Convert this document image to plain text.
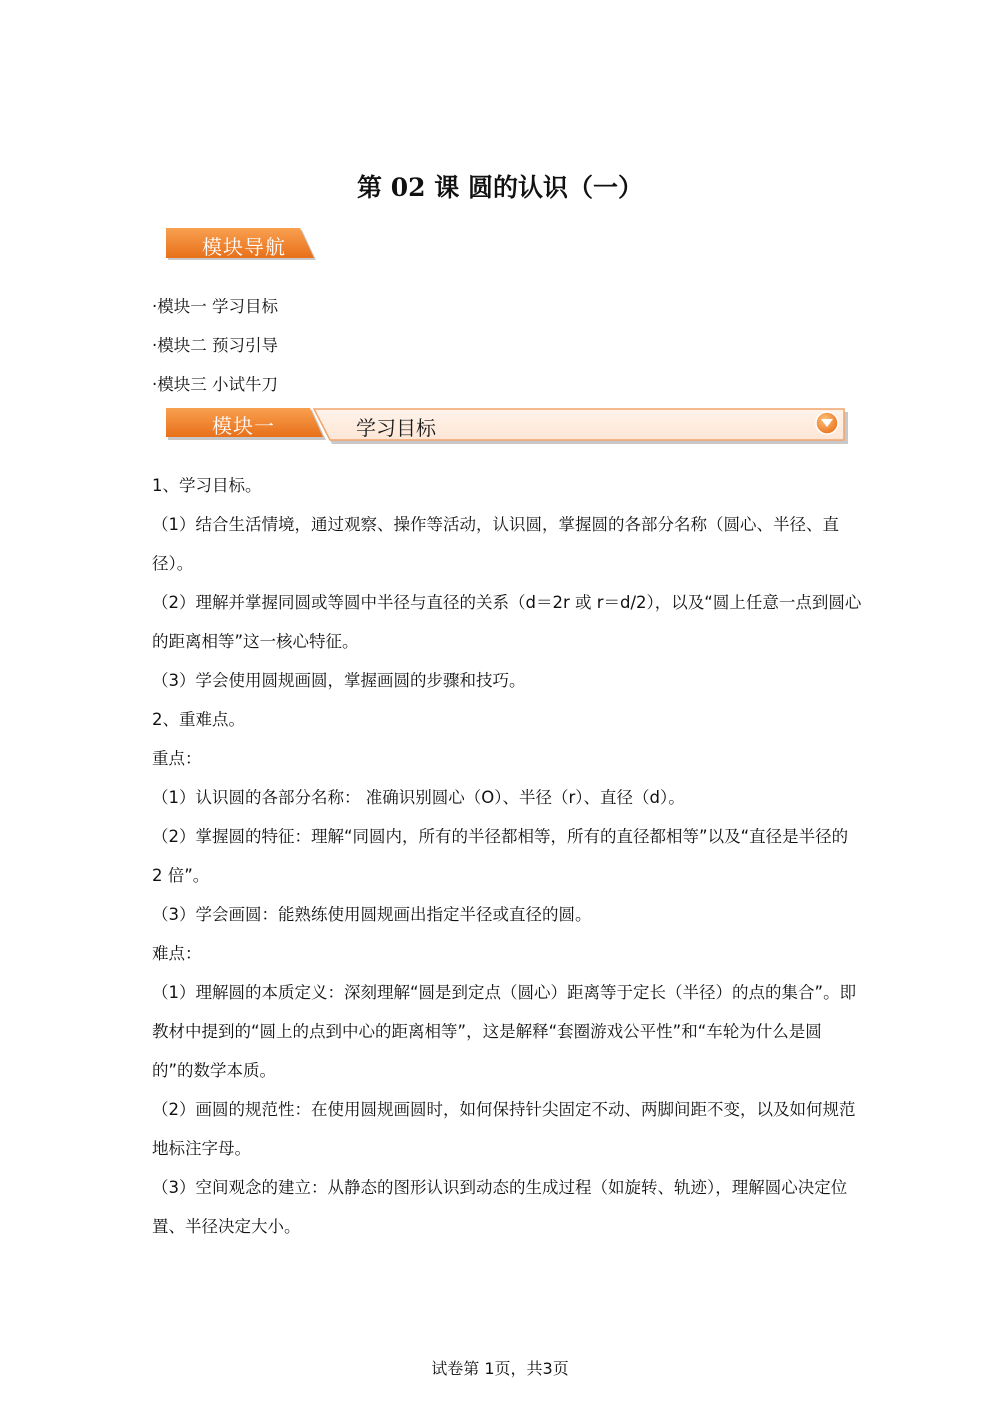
第 02 课 圆的认识（一）
模块导航
·模块一 学习目标
·模块二 预习引导
·模块三 小试牛刀
模块一	学习目标
1、学习目标。
（1）结合生活情境，通过观察、操作等活动，认识圆，掌握圆的各部分名称（圆心、半径、直径）。
（2）理解并掌握同圆或等圆中半径与直径的关系（d＝2r 或 r＝d/2），以及“圆上任意一点到圆心的距离相等”这一核心特征。
（3）学会使用圆规画圆，掌握画圆的步骤和技巧。
2、重难点。
重点：
（1）认识圆的各部分名称： 准确识别圆心（O）、半径（r）、直径（d）。
（2）掌握圆的特征：理解“同圆内，所有的半径都相等，所有的直径都相等”以及“直径是半径的 2 倍”。
（3）学会画圆：能熟练使用圆规画出指定半径或直径的圆。
难点：
（1）理解圆的本质定义：深刻理解“圆是到定点（圆心）距离等于定长（半径）的点的集合”。即教材中提到的“圆上的点到中心的距离相等”，这是解释“套圈游戏公平性”和“车轮为什么是圆的”的数学本质。
（2）画圆的规范性：在使用圆规画圆时，如何保持针尖固定不动、两脚间距不变，以及如何规范地标注字母。
（3）空间观念的建立：从静态的图形认识到动态的生成过程（如旋转、轨迹），理解圆心决定位置、半径决定大小。
试卷第 1页，共3页
